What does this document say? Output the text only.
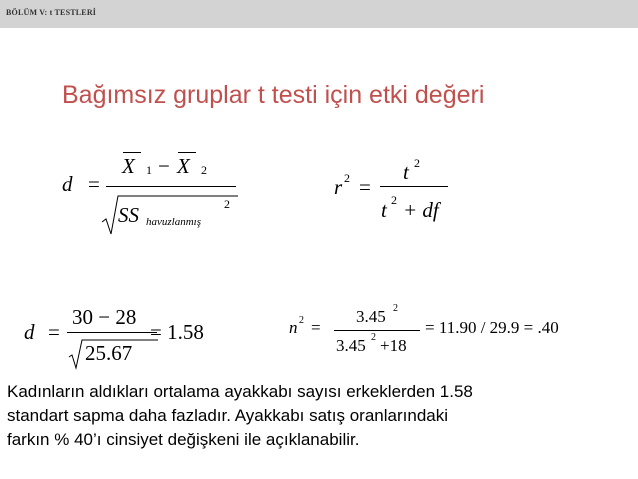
BÖLÜM V: t TESTLERİ
Bağımsız gruplar t testi için etki değeri
d =
X 1 − X 2
SS havuzlanmış
2
r 2 =
t 2
t 2 + df
d =
30 − 28
25.67
= 1.58	n 2 =
3.45 2
3.45 2 +18
= 11.90 / 29.9 = .40
Kadınların aldıkları ortalama ayakkabı sayısı erkeklerden 1.58
standart sapma daha fazladır. Ayakkabı satış oranlarındaki
farkın % 40’ı cinsiyet değişkeni ile açıklanabilir.
